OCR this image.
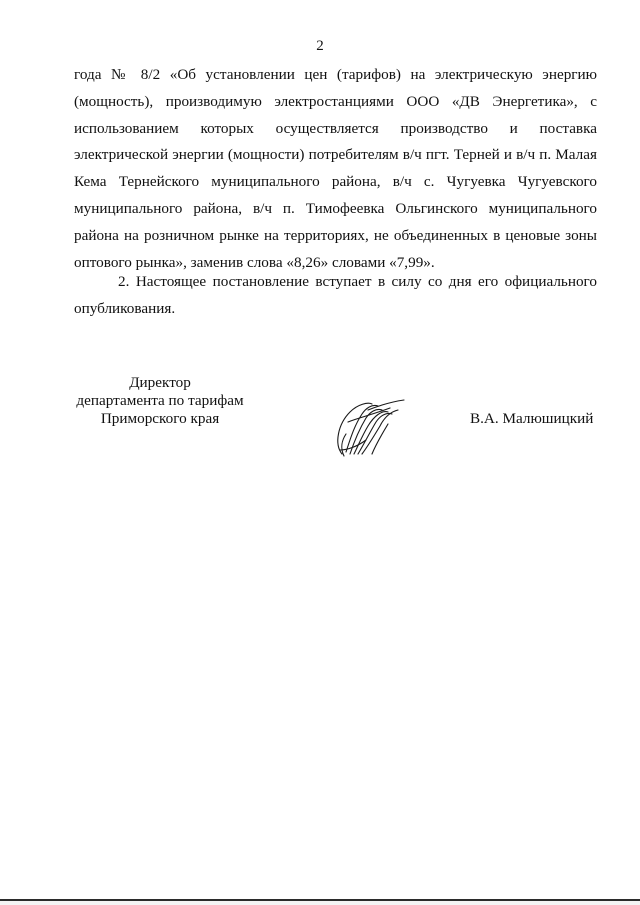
2
года № 8/2 «Об установлении цен (тарифов) на электрическую энергию
(мощность), производимую электростанциями ООО «ДВ Энергетика», с
использованием которых осуществляется производство и поставка
электрической энергии (мощности) потребителям в/ч пгт. Терней и в/ч п. Малая
Кема Тернейского муниципального района, в/ч с. Чугуевка Чугуевского
муниципального района, в/ч п. Тимофеевка Ольгинского муниципального
района на розничном рынке на территориях, не объединенных в ценовые зоны
оптового рынка», заменив слова «8,26» словами «7,99».
2. Настоящее постановление вступает в силу со дня его официального
опубликования.
Директор
департамента по тарифам
Приморского края	В.А. Малюшицкий
